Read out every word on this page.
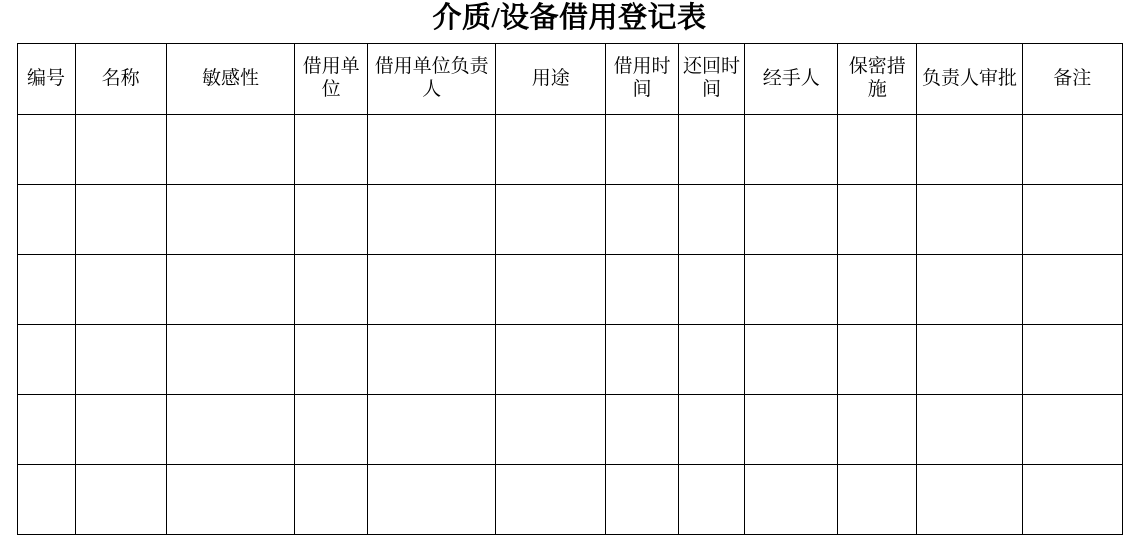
介质/设备借用登记表
编号	名称	敏感性	借用单位	借用单位负责人	用途	借用时间	还回时间	经手人	保密措施	负责人审批	备注
